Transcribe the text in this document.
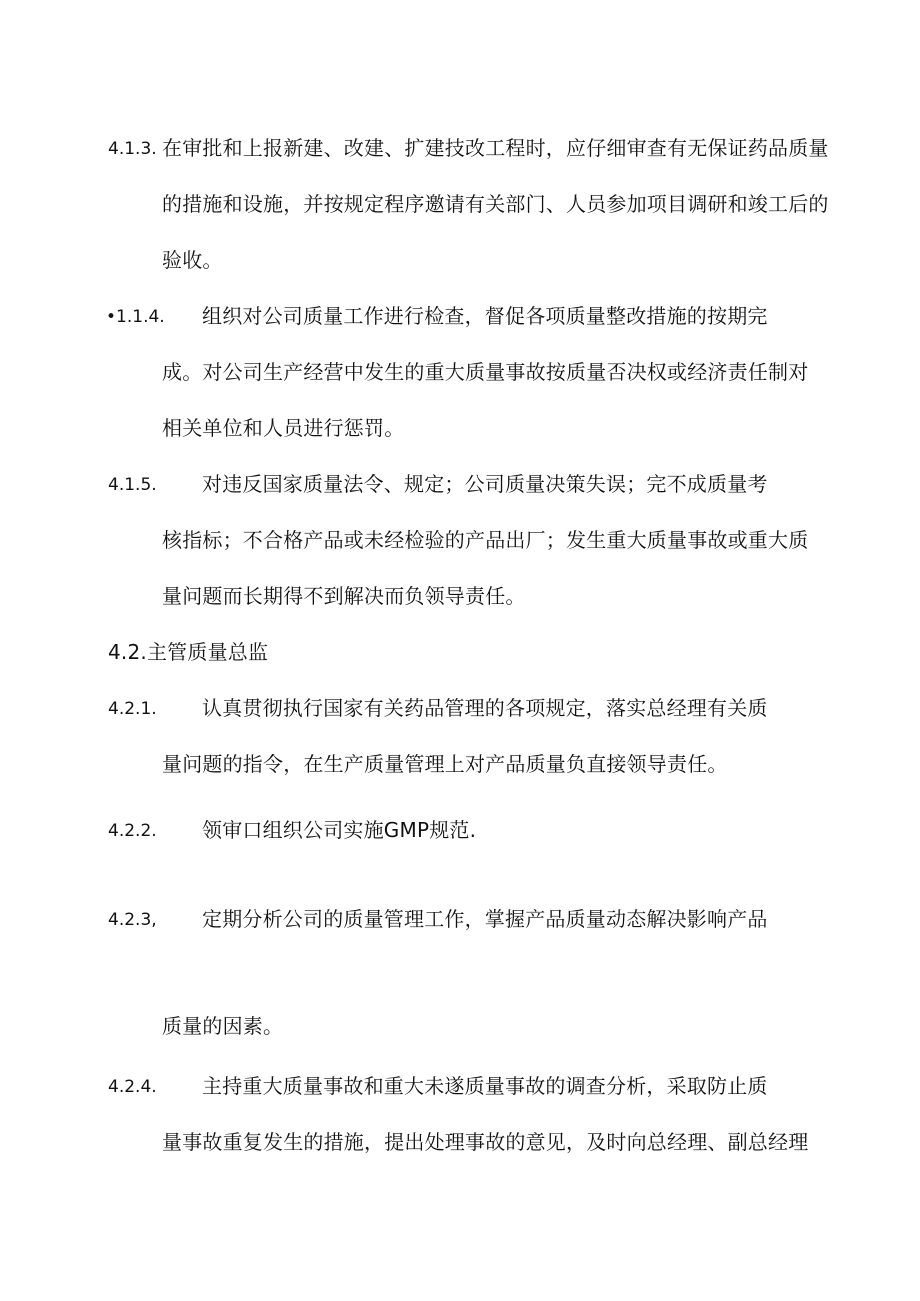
4.1.3. 在审批和上报新建、改建、扩建技改工程时，应仔细审查有无保证药品质量
的措施和设施，并按规定程序邀请有关部门、人员参加项目调研和竣工后的
验收。
•1.1.4. 组织对公司质量工作进行检查，督促各项质量整改措施的按期完
成。对公司生产经营中发生的重大质量事故按质量否决权或经济责任制对
相关单位和人员进行惩罚。
4.1.5. 对违反国家质量法令、规定；公司质量决策失误；完不成质量考
核指标；不合格产品或未经检验的产品出厂；发生重大质量事故或重大质
量问题而长期得不到解决而负领导责任。
4.2.主管质量总监
4.2.1. 认真贯彻执行国家有关药品管理的各项规定，落实总经理有关质
量问题的指令，在生产质量管理上对产品质量负直接领导责任。
4.2.2. 领审口组织公司实施GMP规范.
4.2.3, 定期分析公司的质量管理工作，掌握产品质量动态解决影响产品
质量的因素。
4.2.4. 主持重大质量事故和重大未遂质量事故的调查分析，采取防止质
量事故重复发生的措施，提出处理事故的意见，及时向总经理、副总经理
